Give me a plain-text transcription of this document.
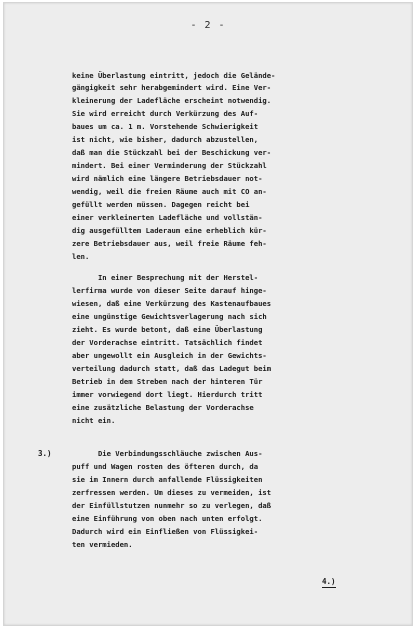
- 2 -
keine Überlastung eintritt, jedoch die Gelände-
gängigkeit sehr herabgemindert wird. Eine Ver-
kleinerung der Ladefläche erscheint notwendig.
Sie wird erreicht durch Verkürzung des Auf-
baues um ca. 1 m. Vorstehende Schwierigkeit
ist nicht, wie bisher, dadurch abzustellen,
daß man die Stückzahl bei der Beschickung ver-
mindert. Bei einer Verminderung der Stückzahl
wird nämlich eine längere Betriebsdauer not-
wendig, weil die freien Räume auch mit CO an-
gefüllt werden müssen. Dagegen reicht bei
einer verkleinerten Ladefläche und vollstän-
dig ausgefülltem Laderaum eine erheblich kür-
zere Betriebsdauer aus, weil freie Räume feh-
len.
In einer Besprechung mit der Herstel-
lerfirma wurde von dieser Seite darauf hinge-
wiesen, daß eine Verkürzung des Kastenaufbaues
eine ungünstige Gewichtsverlagerung nach sich
zieht. Es wurde betont, daß eine Überlastung
der Vorderachse eintritt. Tatsächlich findet
aber ungewollt ein Ausgleich in der Gewichts-
verteilung dadurch statt, daß das Ladegut beim
Betrieb in dem Streben nach der hinteren Tür
immer vorwiegend dort liegt. Hierdurch tritt
eine zusätzliche Belastung der Vorderachse
nicht ein.
3.)	Die Verbindungsschläuche zwischen Aus-
puff und Wagen rosten des öfteren durch, da
sie im Innern durch anfallende Flüssigkeiten
zerfressen werden. Um dieses zu vermeiden, ist
der Einfüllstutzen nunmehr so zu verlegen, daß
eine Einführung von oben nach unten erfolgt.
Dadurch wird ein Einfließen von Flüssigkei-
ten vermieden.
4.)
